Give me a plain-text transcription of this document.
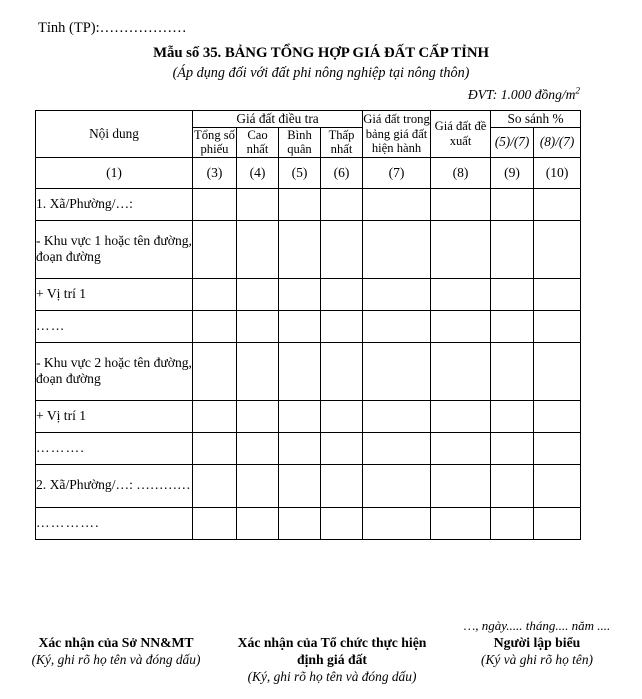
Tỉnh (TP):………………
Mẫu số 35. BẢNG TỔNG HỢP GIÁ ĐẤT CẤP TỈNH
(Áp dụng đối với đất phi nông nghiệp tại nông thôn)
ĐVT: 1.000 đồng/$m^2$
Nội dung	Giá đất điều tra				Giá đất trong bảng giá đất hiện hành	Giá đất đề xuất	So sánh %	
	Tổng số phiếu	Cao nhất	Bình quân	Thấp nhất			(5)/(7)	(8)/(7)
(1)	(3)	(4)	(5)	(6)	(7)	(8)	(9)	(10)
1. Xã/Phường/…:								
- Khu vực 1 hoặc tên đường, đoạn đường								
+ Vị trí 1								
……								
- Khu vực 2 hoặc tên đường, đoạn đường								
+ Vị trí 1								
……….								
2. Xã/Phường/…: …………								
………….								
Xác nhận của Sở NN&MT
(Ký, ghi rõ họ tên và đóng dấu)
Xác nhận của Tổ chức thực hiện định giá đất
(Ký, ghi rõ họ tên và đóng dấu)
…, ngày..... tháng.... năm ....
Người lập biểu
(Ký và ghi rõ họ tên)
